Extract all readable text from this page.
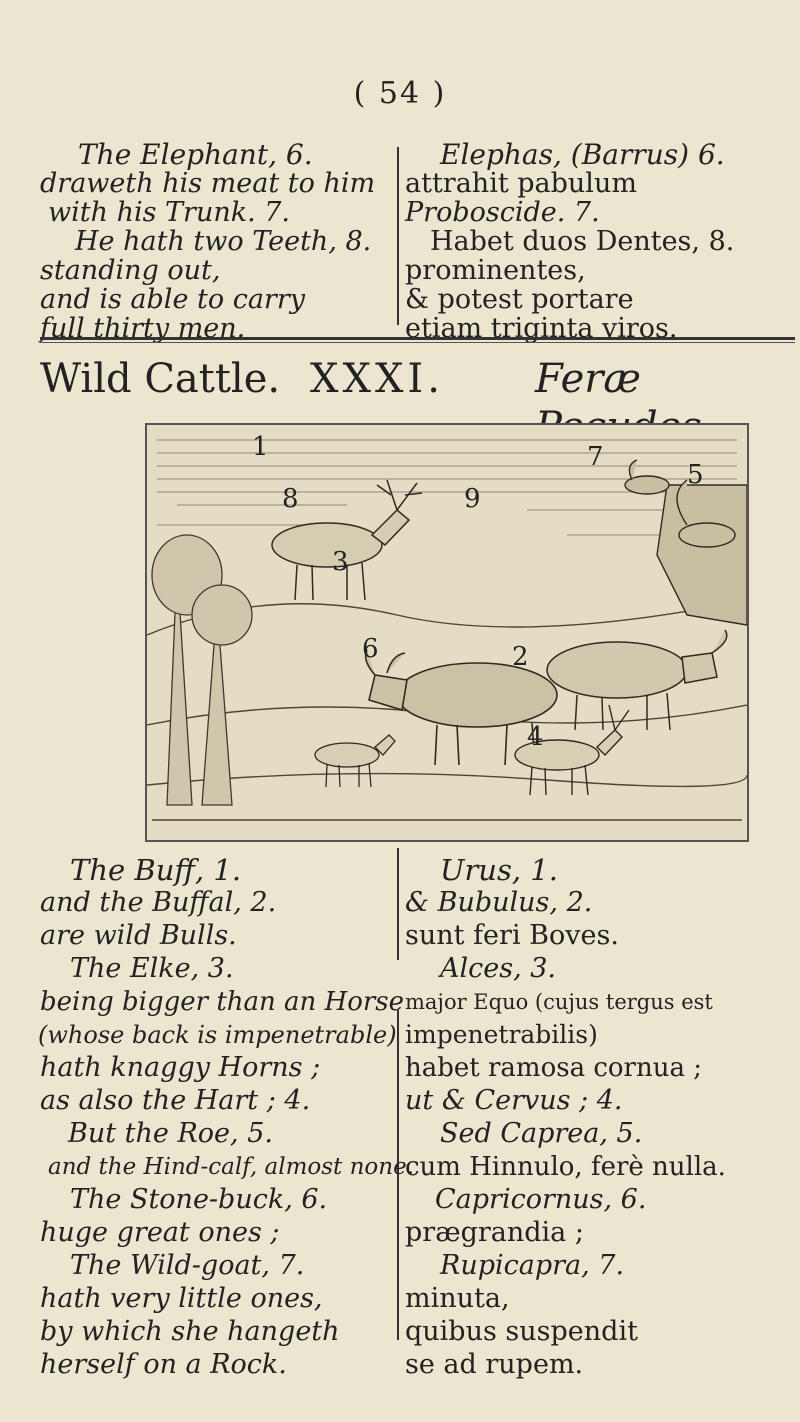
( 54 )
The Elephant, 6.
draweth his meat to him
with his Trunk. 7.
He hath two Teeth, 8.
standing out,
and is able to carry
full thirty men.
Elephas, (Barrus) 6.
attrahit pabulum
Proboscide. 7.
Habet duos Dentes, 8.
prominentes,
& potest portare
etiam triginta viros.
Wild Cattle. XXXI. Feræ
1
2
3
4
5
6
7
8	9
The Buff, 1.
and the Buffal, 2.
are wild Bulls.
The Elke, 3.
being bigger than an Horse
(whose back is impenetrable)
hath knaggy Horns ;
as also the Hart ; 4.
But the Roe, 5.
and the Hind-calf, almost none.
The Stone-buck, 6.
huge great ones ;
The Wild-goat, 7.
hath very little ones,
by which she hangeth
herself on a Rock.
Urus, 1.
& Bubulus, 2.
sunt feri Boves.
Alces, 3.
major Equo (cujus tergus est
impenetrabilis)
habet ramosa cornua ;
ut & Cervus ; 4.
Sed Caprea, 5.
cum Hinnulo, ferè nulla.
Capricornus, 6.
prægrandia ;
Rupicapra, 7.
minuta,
quibus suspendit
se ad rupem.
